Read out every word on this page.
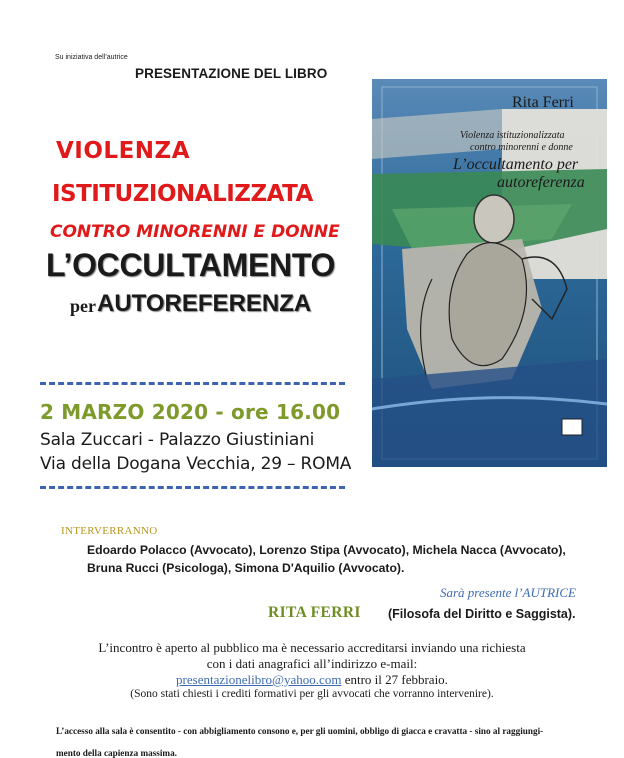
Su iniziativa dell’autrice
PRESENTAZIONE DEL LIBRO
VIOLENZA
ISTITUZIONALIZZATA
CONTRO MINORENNI E DONNE
L’OCCULTAMENTO
per AUTOREFERENZA
2 MARZO 2020 - ore 16.00
Sala Zuccari - Palazzo Giustiniani
Via della Dogana Vecchia, 29 – ROMA
Rita Ferri
Violenza istituzionalizzata
contro minorenni e donne
L’occultamento per
autoreferenza
INTERVERRANNO
Edoardo Polacco (Avvocato), Lorenzo Stipa (Avvocato), Michela Nacca (Avvocato),
Bruna Rucci (Psicologa), Simona D'Aquilio (Avvocato).
Sarà presente l’AUTRICE
RITA FERRI (Filosofa del Diritto e Saggista).
L’incontro è aperto al pubblico ma è necessario accreditarsi inviando una richiesta
con i dati anagrafici all’indirizzo e-mail:
presentazionelibro@yahoo.com entro il 27 febbraio.
(Sono stati chiesti i crediti formativi per gli avvocati che vorranno intervenire).
L’accesso alla sala è consentito - con abbigliamento consono e, per gli uomini, obbligo di giacca e cravatta - sino al raggiungi-
mento della capienza massima.
